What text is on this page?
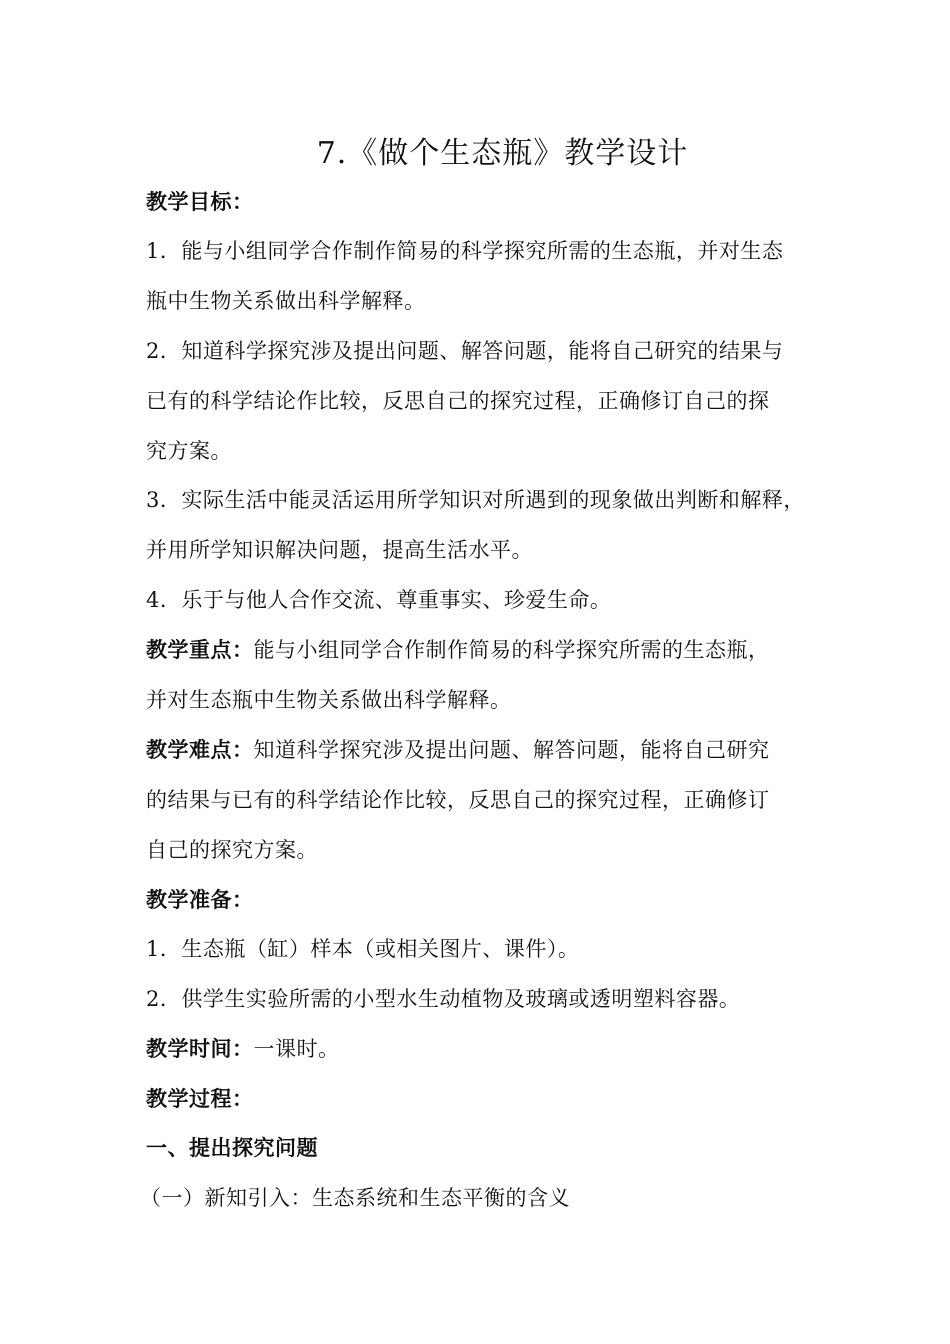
7.《做个生态瓶》教学设计
教学目标：
1．能与小组同学合作制作简易的科学探究所需的生态瓶，并对生态
瓶中生物关系做出科学解释。
2．知道科学探究涉及提出问题、解答问题，能将自己研究的结果与
已有的科学结论作比较，反思自己的探究过程，正确修订自己的探
究方案。
3．实际生活中能灵活运用所学知识对所遇到的现象做出判断和解释，
并用所学知识解决问题，提高生活水平。
4．乐于与他人合作交流、尊重事实、珍爱生命。
教学重点：能与小组同学合作制作简易的科学探究所需的生态瓶，
并对生态瓶中生物关系做出科学解释。
教学难点：知道科学探究涉及提出问题、解答问题，能将自己研究
的结果与已有的科学结论作比较，反思自己的探究过程，正确修订
自己的探究方案。
教学准备：
1．生态瓶（缸）样本（或相关图片、课件）。
2．供学生实验所需的小型水生动植物及玻璃或透明塑料容器。
教学时间：一课时。
教学过程：
一、提出探究问题
（一）新知引入：生态系统和生态平衡的含义
